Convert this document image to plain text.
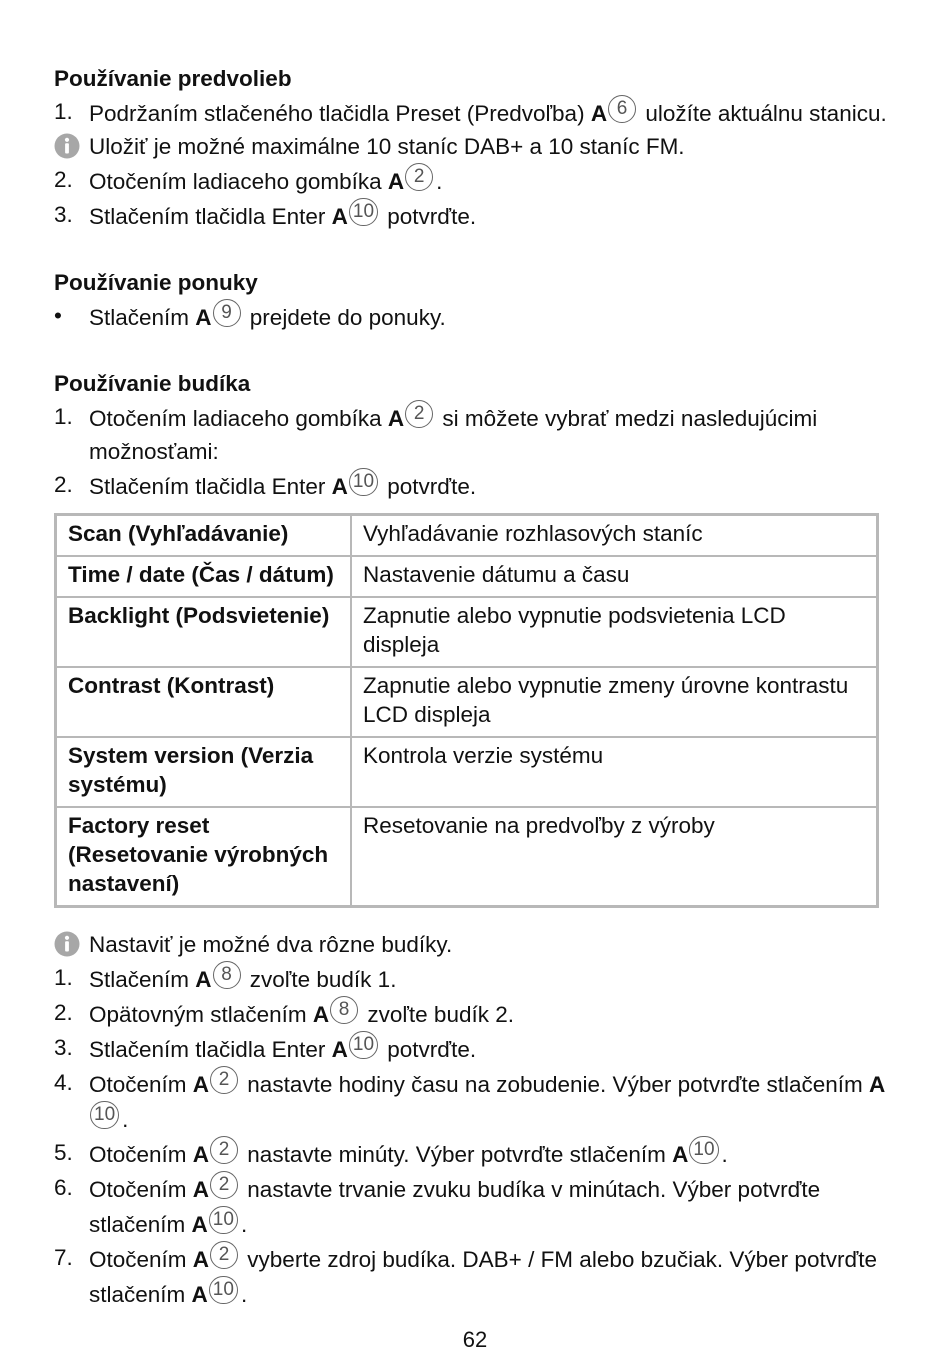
Používanie predvolieb

1. Podržaním stlačeného tlačidla Preset (Predvoľba) A 6 uložíte aktuálnu stanicu.
Uložiť je možné maximálne 10 staníc DAB+ a 10 staníc FM.
2. Otočením ladiaceho gombíka A 2 .
3. Stlačením tlačidla Enter A 10 potvrďte.

Používanie ponuky

•	Stlačením A 9 prejdete do ponuky.

Používanie budíka

1. Otočením ladiaceho gombíka A 2 si môžete vybrať medzi nasledujúcimi možnosťami:
2. Stlačením tlačidla Enter A 10 potvrďte.
Scan (Vyhľadávanie)	Vyhľadávanie rozhlasových staníc
Time / date (Čas / dátum)	Nastavenie dátumu a času
Backlight (Podsvietenie)	Zapnutie alebo vypnutie podsvietenia LCD displeja
Contrast (Kontrast)	Zapnutie alebo vypnutie zmeny úrovne kontrastu LCD displeja
System version (Verzia systému)	Kontrola verzie systému
Factory reset (Resetovanie výrobných nastavení)	Resetovanie na predvoľby z výroby
Nastaviť je možné dva rôzne budíky.
1. Stlačením A 8 zvoľte budík 1.
2. Opätovným stlačením A 8 zvoľte budík 2.
3. Stlačením tlačidla Enter A 10 potvrďte.
4. Otočením A 2 nastavte hodiny času na zobudenie. Výber potvrďte stlačením A10 .
5. Otočením A 2 nastavte minúty. Výber potvrďte stlačením A 10 .
6. Otočením A 2 nastavte trvanie zvuku budíka v minútach. Výber potvrďte stlačením A 10 .
7. Otočením A 2 vyberte zdroj budíka. DAB+ / FM alebo bzučiak. Výber potvrďte stlačením A 10 .
62
